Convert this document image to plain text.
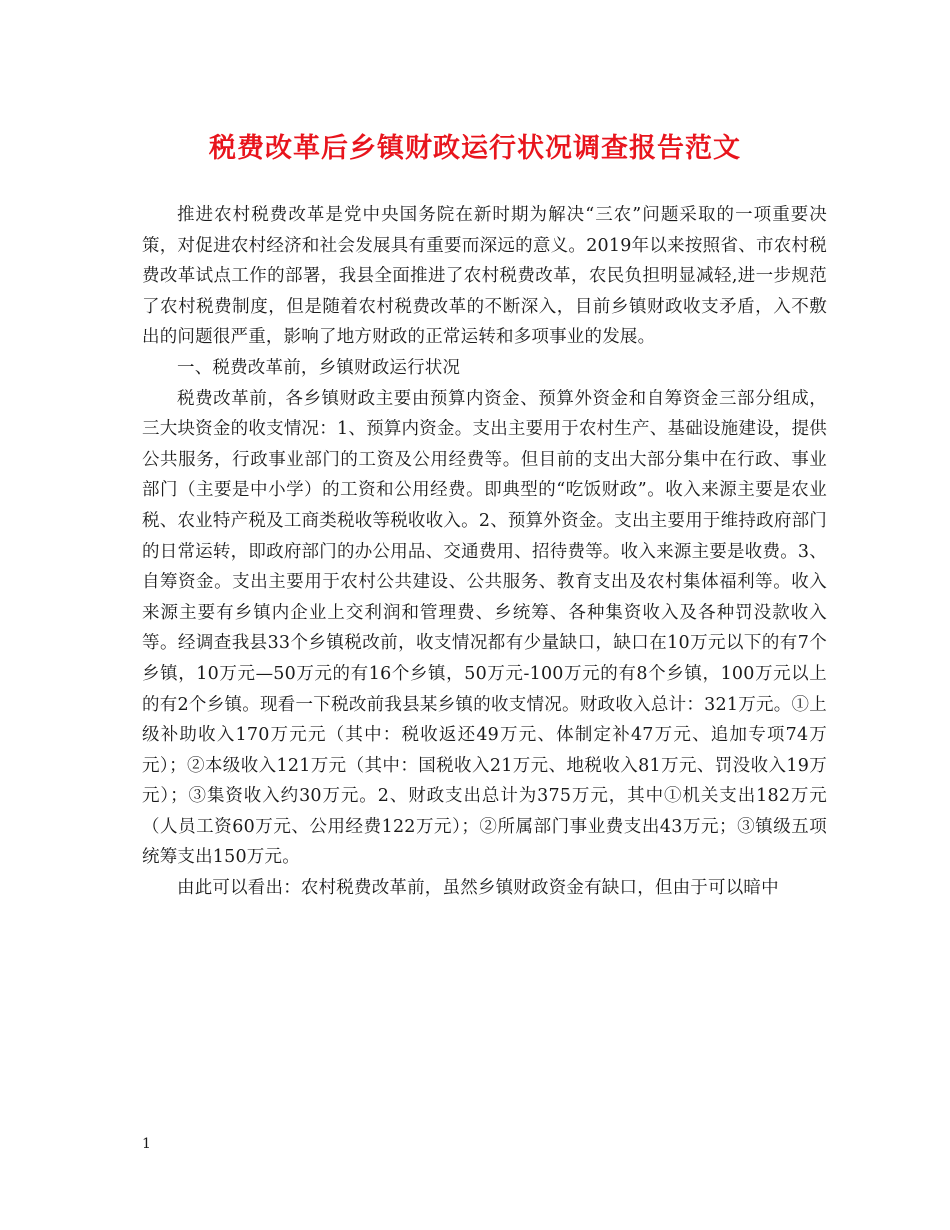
税费改革后乡镇财政运行状况调查报告范文

推进农村税费改革是党中央国务院在新时期为解决“三农”问题采取的一项重要决策，对促进农村经济和社会发展具有重要而深远的意义。2019年以来按照省、市农村税费改革试点工作的部署，我县全面推进了农村税费改革，农民负担明显减轻,进一步规范了农村税费制度，但是随着农村税费改革的不断深入，目前乡镇财政收支矛盾，入不敷出的问题很严重，影响了地方财政的正常运转和多项事业的发展。

一、税费改革前，乡镇财政运行状况

税费改革前，各乡镇财政主要由预算内资金、预算外资金和自筹资金三部分组成，三大块资金的收支情况：1、预算内资金。支出主要用于农村生产、基础设施建设，提供公共服务，行政事业部门的工资及公用经费等。但目前的支出大部分集中在行政、事业部门（主要是中小学）的工资和公用经费。即典型的“吃饭财政”。收入来源主要是农业税、农业特产税及工商类税收等税收收入。2、预算外资金。支出主要用于维持政府部门的日常运转，即政府部门的办公用品、交通费用、招待费等。收入来源主要是收费。3、自筹资金。支出主要用于农村公共建设、公共服务、教育支出及农村集体福利等。收入来源主要有乡镇内企业上交利润和管理费、乡统筹、各种集资收入及各种罚没款收入等。经调查我县33个乡镇税改前，收支情况都有少量缺口，缺口在10万元以下的有7个乡镇，10万元—50万元的有16个乡镇，50万元-100万元的有8个乡镇，100万元以上的有2个乡镇。现看一下税改前我县某乡镇的收支情况。财政收入总计：321万元。①上级补助收入170万元元（其中：税收返还49万元、体制定补47万元、追加专项74万元）；②本级收入121万元（其中：国税收入21万元、地税收入81万元、罚没收入19万元）；③集资收入约30万元。2、财政支出总计为375万元，其中①机关支出182万元（人员工资60万元、公用经费122万元）；②所属部门事业费支出43万元；③镇级五项统筹支出150万元。

由此可以看出：农村税费改革前，虽然乡镇财政资金有缺口，但由于可以暗中

1
